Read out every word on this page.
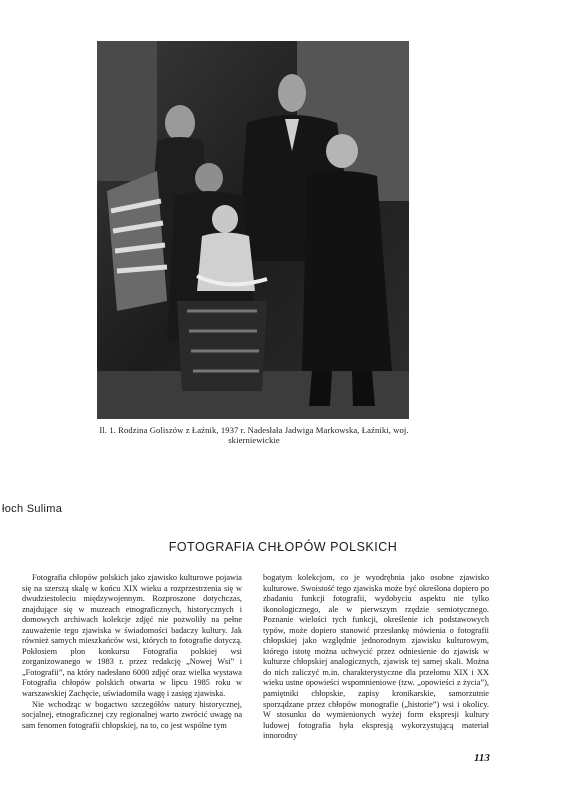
Il. 1. Rodzina Goliszów z Łaźnik, 1937 r. Nadesłała Jadwiga Markowska, Łaźniki, woj. skierniewickie
łoch Sulima
FOTOGRAFIA CHŁOPÓW POLSKICH

Fotografia chłopów polskich jako zjawisko kulturowe pojawia się na szerszą skalę w końcu XIX wieku a rozprzestrzenia się w dwudziestoleciu międzywojennym. Rozproszone dotychczas, znajdujące się w muzeach etnograficznych, historycznych i domowych archiwach kolekcje zdjęć nie pozwoliły na pełne zauważenie tego zjawiska w świadomości badaczy kultury. Jak również samych mieszkańców wsi, których to fotografie dotyczą. Pokłosiem plon konkursu Fotografia polskiej wsi zorganizowanego w 1983 r. przez redakcję „Nowej Wsi” i „Fotografii”, na który nadesłano 6000 zdjęć oraz wielka wystawa Fotografia chłopów polskich otwarta w lipcu 1985 roku w warszawskiej Zachęcie, uświadomiła wagę i zasięg zjawiska.

Nie wchodząc w bogactwo szczegółów natury historycznej, socjalnej, etnograficznej czy regionalnej warto zwrócić uwagę na sam fenomen fotografii chłopskiej, na to, co jest wspólne tym

bogatym kolekcjom, co je wyodrębnia jako osobne zjawisko kulturowe. Swoistość tego zjawiska może być określona dopiero po zbadaniu funkcji fotografii, wydobyciu aspektu nie tylko ikonologicznego, ale w pierwszym rzędzie semiotycznego. Poznanie wielości tych funkcji, określenie ich podstawowych typów, może dopiero stanowić przesłankę mówienia o fotografii chłopskiej jako względnie jednorodnym zjawisku kulturowym, którego istotę można uchwycić przez odniesienie do zjawisk w kulturze chłopskiej analogicznych, zjawisk tej samej skali. Można do nich zaliczyć m.in. charakterystyczne dla przełomu XIX i XX wieku ustne opowieści wspomnieniowe (tzw. „opowieści z życia”), pamiętniki chłopskie, zapisy kronikarskie, samorzutnie sporządzane przez chłopów monografie („historie”) wsi i okolicy. W stosunku do wymienionych wyżej form ekspresji kultury ludowej fotografia była ekspresją wykorzystującą materiał innorodny

113
